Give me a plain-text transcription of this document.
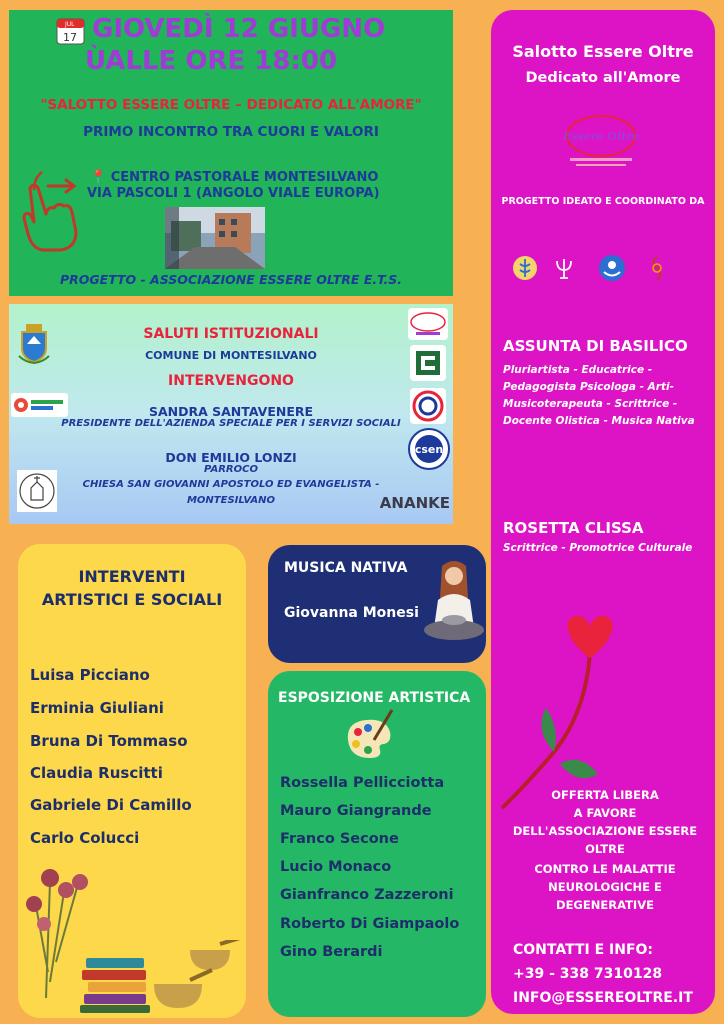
JUL
17 GIOVEDÌ 12 GIUGNO
ÙALLE ORE 18:00
"SALOTTO ESSERE OLTRE – DEDICATO ALL'AMORE"
PRIMO INCONTRO TRA CUORI E VALORI
📍 CENTRO PASTORALE MONTESILVANO
VIA PASCOLI 1 (ANGOLO VIALE EUROPA)
PROGETTO - ASSOCIAZIONE ESSERE OLTRE E.T.S.
SALUTI ISTITUZIONALI
COMUNE DI MONTESILVANO
INTERVENGONO
SANDRA SANTAVENERE
PRESIDENTE DELL'AZIENDA SPECIALE PER I SERVIZI SOCIALI
DON EMILIO LONZI
PARROCO
CHIESA SAN GIOVANNI APOSTOLO ED EVANGELISTA -
MONTESILVANO
csen
ANANKE
Salotto Essere Oltre
Dedicato all'Amore
Essere Oltre
PROGETTO IDEATO E COORDINATO DA
ASSUNTA DI BASILICO
Pluriartista - Educatrice -
Pedagogista Psicologa - Arti-
Musicoterapeuta - Scrittrice -
Docente Olistica - Musica Nativa
ROSETTA CLISSA
Scrittrice - Promotrice Culturale
OFFERTA LIBERA
A FAVORE
DELL'ASSOCIAZIONE ESSERE
OLTRE
CONTRO LE MALATTIE
NEUROLOGICHE E
DEGENERATIVE
CONTATTI E INFO:
+39 - 338 7310128
INFO@ESSEREOLTRE.IT
INTERVENTI
ARTISTICI E SOCIALI
Luisa Picciano
Erminia Giuliani
Bruna Di Tommaso
Claudia Ruscitti
Gabriele Di Camillo
Carlo Colucci
MUSICA NATIVA
Giovanna Monesi
ESPOSIZIONE ARTISTICA
Rossella Pellicciotta
Mauro Giangrande
Franco Secone
Lucio Monaco
Gianfranco Zazzeroni
Roberto Di Giampaolo
Gino Berardi
